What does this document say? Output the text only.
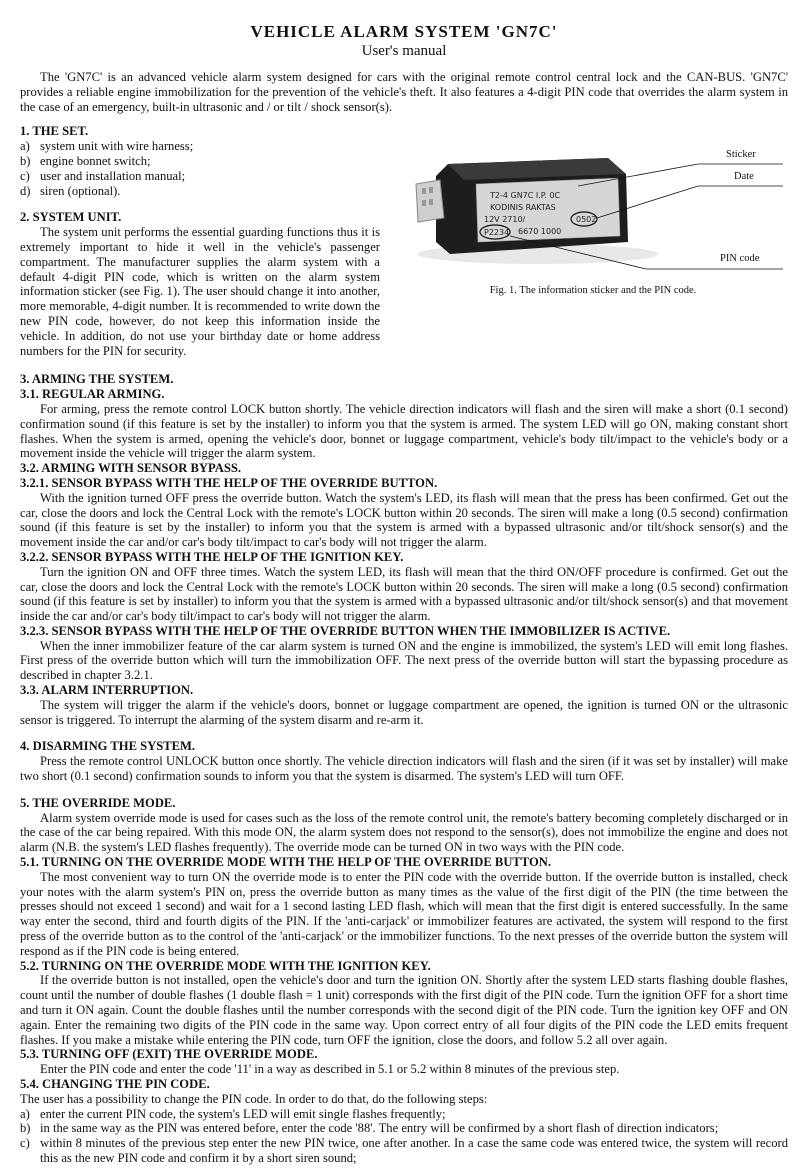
VEHICLE ALARM SYSTEM 'GN7C'
User's manual

The 'GN7C' is an advanced vehicle alarm system designed for cars with the original remote control central lock and the CAN-BUS. 'GN7C' provides a reliable engine immobilization for the prevention of the vehicle's theft. It also features a 4-digit PIN code that overrides the alarm system in the case of an emergency, built-in ultrasonic and / or tilt / shock sensor(s).

1. THE SET.
a) system unit with wire harness;
b) engine bonnet switch;
c) user and installation manual;
d) siren (optional).
2. SYSTEM UNIT.

The system unit performs the essential guarding functions thus it is extremely important to hide it well in the vehicle's passenger compartment. The manufacturer supplies the alarm system with a default 4-digit PIN code, which is written on the alarm system information sticker (see Fig. 1). The user should change it into another, more memorable, 4-digit number. It is recommended to write down the new PIN code, however, do not keep this information inside the vehicle. In addition, do not use your birthday date or home address numbers for the PIN for security.

T2-4 GN7C I.P. 0C
KODINIS RAKTAS
12V 2710/	0502
P2234 6670 1000
Sticker
Date
PIN code
Fig. 1. The information sticker and the PIN code.
3. ARMING THE SYSTEM.
3.1. REGULAR ARMING.

For arming, press the remote control LOCK button shortly. The vehicle direction indicators will flash and the siren will make a short (0.1 second) confirmation sound (if this feature is set by the installer) to inform you that the system is armed. The system LED will go ON, making constant short flashes. When the system is armed, opening the vehicle's door, bonnet or luggage compartment, vehicle's body tilt/impact to the vehicle's body or a movement inside the vehicle will trigger the alarm system.

3.2. ARMING WITH SENSOR BYPASS.
3.2.1. SENSOR BYPASS WITH THE HELP OF THE OVERRIDE BUTTON.

With the ignition turned OFF press the override button. Watch the system's LED, its flash will mean that the press has been confirmed. Get out the car, close the doors and lock the Central Lock with the remote's LOCK button within 20 seconds. The siren will make a long (0.5 second) confirmation sound (if this feature is set by the installer) to inform you that the system is armed with a bypassed ultrasonic and/or tilt/shock sensor(s) and the movement inside the car and/or car's body tilt/impact to car's body will not trigger the alarm.

3.2.2. SENSOR BYPASS WITH THE HELP OF THE IGNITION KEY.

Turn the ignition ON and OFF three times. Watch the system LED, its flash will mean that the third ON/OFF procedure is confirmed. Get out the car, close the doors and lock the Central Lock with the remote's LOCK button within 20 seconds. The siren will make a long (0.5 second) confirmation sound (if this feature is set by installer) to inform you that the system is armed with a bypassed ultrasonic and/or tilt/shock sensor(s) and that movement inside the car and/or car's body tilt/impact to car's body will not trigger the alarm.

3.2.3. SENSOR BYPASS WITH THE HELP OF THE OVERRIDE BUTTON WHEN THE IMMOBILIZER IS ACTIVE.

When the inner immobilizer feature of the car alarm system is turned ON and the engine is immobilized, the system's LED will emit long flashes. First press of the override button which will turn the immobilization OFF. The next press of the override button will start the bypassing procedure as described in chapter 3.2.1.

3.3. ALARM INTERRUPTION.

The system will trigger the alarm if the vehicle's doors, bonnet or luggage compartment are opened, the ignition is turned ON or the ultrasonic sensor is triggered. To interrupt the alarming of the system disarm and re-arm it.

4. DISARMING THE SYSTEM.

Press the remote control UNLOCK button once shortly. The vehicle direction indicators will flash and the siren (if it was set by installer) will make two short (0.1 second) confirmation sounds to inform you that the system is disarmed. The system's LED will turn OFF.

5. THE OVERRIDE MODE.

Alarm system override mode is used for cases such as the loss of the remote control unit, the remote's battery becoming completely discharged or in the case of the car being repaired. With this mode ON, the alarm system does not respond to the sensor(s), does not immobilize the engine and does not alarm (N.B. the system's LED flashes frequently). The override mode can be turned ON in two ways with the PIN code.

5.1. TURNING ON THE OVERRIDE MODE WITH THE HELP OF THE OVERRIDE BUTTON.

The most convenient way to turn ON the override mode is to enter the PIN code with the override button. If the override button is installed, check your notes with the alarm system's PIN on, press the override button as many times as the value of the first digit of the PIN (the time between the presses should not exceed 1 second) and wait for a 1 second lasting LED flash, which will mean that the first digit is entered successfully. In the same way enter the second, third and fourth digits of the PIN. If the 'anti-carjack' or immobilizer features are activated, the system will respond to the first press of the override button as to the control of the 'anti-carjack' or the immobilizer functions. To the next presses of the override button the system will respond as if the PIN code is being entered.

5.2. TURNING ON THE OVERRIDE MODE WITH THE IGNITION KEY.

If the override button is not installed, open the vehicle's door and turn the ignition ON. Shortly after the system LED starts flashing double flashes, count until the number of double flashes (1 double flash = 1 unit) corresponds with the first digit of the PIN code. Turn the ignition OFF for a short time and turn it ON again. Count the double flashes until the number corresponds with the second digit of the PIN code. Turn the ignition key OFF and ON again. Enter the remaining two digits of the PIN code in the same way. Upon correct entry of all four digits of the PIN code the LED emits frequent flashes. If you make a mistake while entering the PIN code, turn OFF the ignition, close the doors, and follow 5.2 all over again.

5.3. TURNING OFF (EXIT) THE OVERRIDE MODE.

Enter the PIN code and enter the code '11' in a way as described in 5.1 or 5.2 within 8 minutes of the previous step.

5.4. CHANGING THE PIN CODE.

The user has a possibility to change the PIN code. In order to do that, do the following steps:

a) enter the current PIN code, the system's LED will emit single flashes frequently;
b) in the same way as the PIN was entered before, enter the code '88'. The entry will be confirmed by a short flash of direction indicators;
c) within 8 minutes of the previous step enter the new PIN twice, one after another. In a case the same code was entered twice, the system will record this as the new PIN code and confirm it by a short siren sound;
